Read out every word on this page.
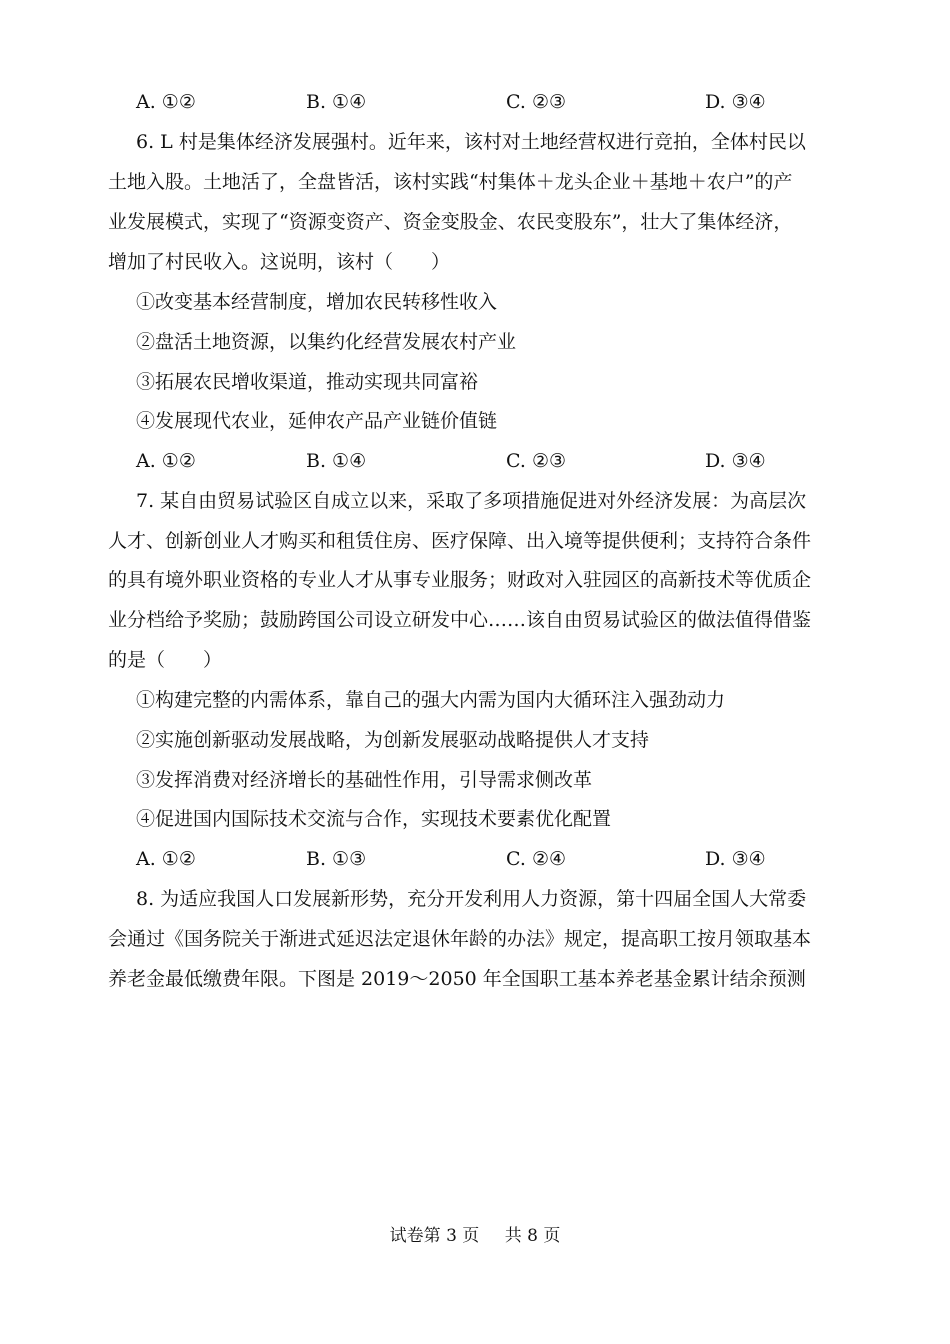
A. ①②	B. ①④	C. ②③	D. ③④
6. L 村是集体经济发展强村。近年来，该村对土地经营权进行竞拍，全体村民以
土地入股。土地活了，全盘皆活，该村实践“村集体＋龙头企业＋基地＋农户”的产
业发展模式，实现了“资源变资产、资金变股金、农民变股东”，壮大了集体经济，
增加了村民收入。这说明，该村（　　）
①改变基本经营制度，增加农民转移性收入
②盘活土地资源，以集约化经营发展农村产业
③拓展农民增收渠道，推动实现共同富裕
④发展现代农业，延伸农产品产业链价值链
A. ①②	B. ①④	C. ②③	D. ③④
7. 某自由贸易试验区自成立以来，采取了多项措施促进对外经济发展：为高层次
人才、创新创业人才购买和租赁住房、医疗保障、出入境等提供便利；支持符合条件
的具有境外职业资格的专业人才从事专业服务；财政对入驻园区的高新技术等优质企
业分档给予奖励；鼓励跨国公司设立研发中心……该自由贸易试验区的做法值得借鉴
的是（　　）
①构建完整的内需体系，靠自己的强大内需为国内大循环注入强劲动力
②实施创新驱动发展战略，为创新发展驱动战略提供人才支持
③发挥消费对经济增长的基础性作用，引导需求侧改革
④促进国内国际技术交流与合作，实现技术要素优化配置
A. ①②	B. ①③	C. ②④	D. ③④
8. 为适应我国人口发展新形势，充分开发利用人力资源，第十四届全国人大常委
会通过《国务院关于渐进式延迟法定退休年龄的办法》规定，提高职工按月领取基本
养老金最低缴费年限。下图是 2019～2050 年全国职工基本养老基金累计结余预测
试卷第 3 页 共 8 页
